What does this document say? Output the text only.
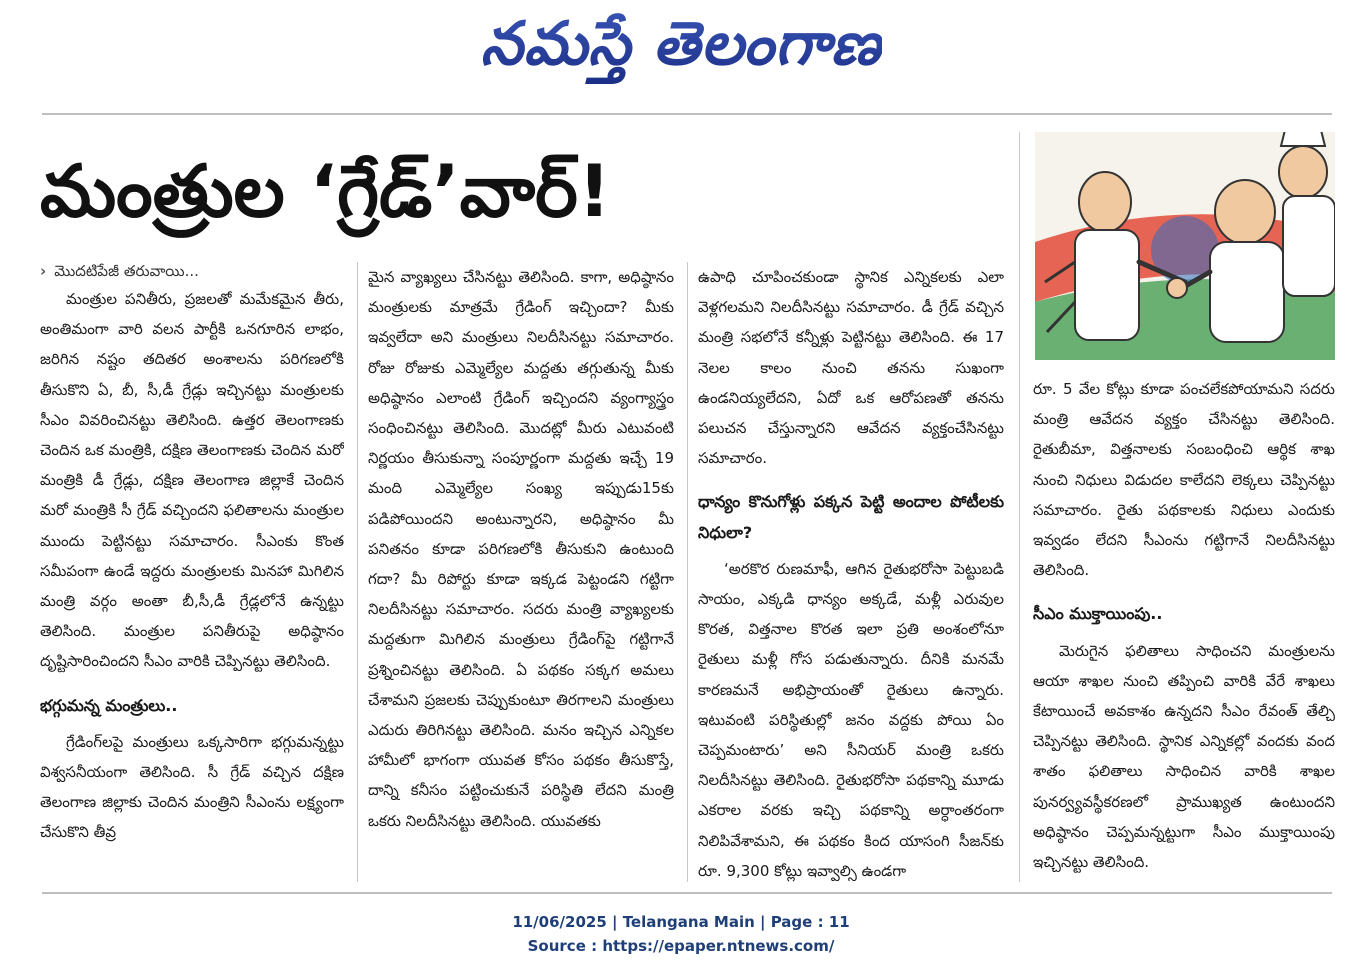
నమస్తే తెలంగాణ
మంత్రుల ‘గ్రేడ్’వార్!

› మొదటిపేజీ తరువాయి...

మంత్రుల పనితీరు, ప్రజలతో మమేకమైన తీరు, అంతిమంగా వారి వలన పార్టీకి ఒనగూరిన లాభం, జరిగిన నష్టం తదితర అంశాలను పరిగణలోకి తీసుకొని ఏ, బీ, సీ,డీ గ్రేడ్లు ఇచ్చినట్టు మంత్రులకు సీఎం వివరించినట్టు తెలిసింది. ఉత్తర తెలంగాణకు చెందిన ఒక మంత్రికి, దక్షిణ తెలంగాణకు చెందిన మరో మంత్రికి డీ గ్రేడ్లు, దక్షిణ తెలంగాణ జిల్లాకే చెందిన మరో మంత్రికి సీ గ్రేడ్ వచ్చిందని ఫలితాలను మంత్రుల ముందు పెట్టినట్టు సమాచారం. సీఎంకు కొంత సమీపంగా ఉండే ఇద్దరు మంత్రులకు మినహా మిగిలిన మంత్రి వర్గం అంతా బీ,సీ,డీ గ్రేడ్లలోనే ఉన్నట్టు తెలిసింది. మంత్రుల పనితీరుపై అధిష్ఠానం దృష్టిసారించిందని సీఎం వారికి చెప్పినట్టు తెలిసింది.

భగ్గుమన్న మంత్రులు..

గ్రేడింగ్‌లపై మంత్రులు ఒక్కసారిగా భగ్గుమన్నట్టు విశ్వసనీయంగా తెలిసింది. సీ గ్రేడ్ వచ్చిన దక్షిణ తెలంగాణ జిల్లాకు చెందిన మంత్రిని సీఎంను లక్ష్యంగా చేసుకొని తీవ్ర

మైన వ్యాఖ్యలు చేసినట్టు తెలిసింది. కాగా, అధిష్ఠానం మంత్రులకు మాత్రమే గ్రేడింగ్ ఇచ్చిందా? మీకు ఇవ్వలేదా అని మంత్రులు నిలదీసినట్టు సమాచారం. రోజు రోజుకు ఎమ్మెల్యేల మద్దతు తగ్గుతున్న మీకు అధిష్ఠానం ఎలాంటి గ్రేడింగ్ ఇచ్చిందని వ్యంగ్యాస్త్రం సంధించినట్టు తెలిసింది. మొదట్లో మీరు ఎటువంటి నిర్ణయం తీసుకున్నా సంపూర్ణంగా మద్దతు ఇచ్చే 19 మంది ఎమ్మెల్యేల సంఖ్య ఇప్పుడు15కు పడిపోయిందని అంటున్నారని, అధిష్ఠానం మీ పనితనం కూడా పరిగణలోకి తీసుకుని ఉంటుంది గదా? మీ రిపోర్టు కూడా ఇక్కడ పెట్టండని గట్టిగా నిలదీసినట్టు సమాచారం. సదరు మంత్రి వ్యాఖ్యలకు మద్దతుగా మిగిలిన మంత్రులు గ్రేడింగ్‌పై గట్టిగానే ప్రశ్నించినట్టు తెలిసింది. ఏ పథకం సక్కగ అమలు చేశామని ప్రజలకు చెప్పుకుంటూ తిరగాలని మంత్రులు ఎదురు తిరిగినట్టు తెలిసింది. మనం ఇచ్చిన ఎన్నికల హామీలో భాగంగా యువత కోసం పథకం తీసుకొస్తే, దాన్ని కనీసం పట్టించుకునే పరిస్థితి లేదని మంత్రి ఒకరు నిలదీసినట్టు తెలిసింది. యువతకు

ఉపాధి చూపించకుండా స్థానిక ఎన్నికలకు ఎలా వెళ్లగలమని నిలదీసినట్టు సమాచారం. డీ గ్రేడ్ వచ్చిన మంత్రి సభలోనే కన్నీళ్లు పెట్టినట్టు తెలిసింది. ఈ 17 నెలల కాలం నుంచి తనను సుఖంగా ఉండనియ్యలేదని, ఏదో ఒక ఆరోపణతో తనను పలుచన చేస్తున్నారని ఆవేదన వ్యక్తంచేసినట్టు సమాచారం.

ధాన్యం కొనుగోళ్లు పక్కన పెట్టి అందాల పోటీలకు నిధులా?

‘అరకొర రుణమాఫీ, ఆగిన రైతుభరోసా పెట్టుబడి సాయం, ఎక్కడి ధాన్యం అక్కడే, మళ్లీ ఎరువుల కొరత, విత్తనాల కొరత ఇలా ప్రతి అంశంలోనూ రైతులు మళ్లీ గోస పడుతున్నారు. దీనికి మనమే కారణమనే అభిప్రాయంతో రైతులు ఉన్నారు. ఇటువంటి పరిస్థితుల్లో జనం వద్దకు పోయి ఏం చెప్పమంటారు’ అని సీనియర్ మంత్రి ఒకరు నిలదీసినట్టు తెలిసింది. రైతుభరోసా పథకాన్ని మూడు ఎకరాల వరకు ఇచ్చి పథకాన్ని అర్ధాంతరంగా నిలిపివేశామని, ఈ పథకం కింద యాసంగి సీజన్‌కు రూ. 9,300 కోట్లు ఇవ్వాల్సి ఉండగా

రూ. 5 వేల కోట్లు కూడా పంచలేకపోయామని సదరు మంత్రి ఆవేదన వ్యక్తం చేసినట్టు తెలిసింది. రైతుబీమా, విత్తనాలకు సంబంధించి ఆర్థిక శాఖ నుంచి నిధులు విడుదల కాలేదని లెక్కలు చెప్పినట్టు సమాచారం. రైతు పథకాలకు నిధులు ఎందుకు ఇవ్వడం లేదని సీఎంను గట్టిగానే నిలదీసినట్టు తెలిసింది.

సీఎం ముక్తాయింపు..

మెరుగైన ఫలితాలు సాధించని మంత్రులను ఆయా శాఖల నుంచి తప్పించి వారికి వేరే శాఖలు కేటాయించే అవకాశం ఉన్నదని సీఎం రేవంత్ తేల్చి చెప్పినట్టు తెలిసింది. స్థానిక ఎన్నికల్లో వందకు వంద శాతం ఫలితాలు సాధించిన వారికి శాఖల పునర్వ్యవస్థీకరణలో ప్రాముఖ్యత ఉంటుందని అధిష్ఠానం చెప్పమన్నట్టుగా సీఎం ముక్తాయింపు ఇచ్చినట్టు తెలిసింది.

11/06/2025 | Telangana Main | Page : 11
Source : https://epaper.ntnews.com/
